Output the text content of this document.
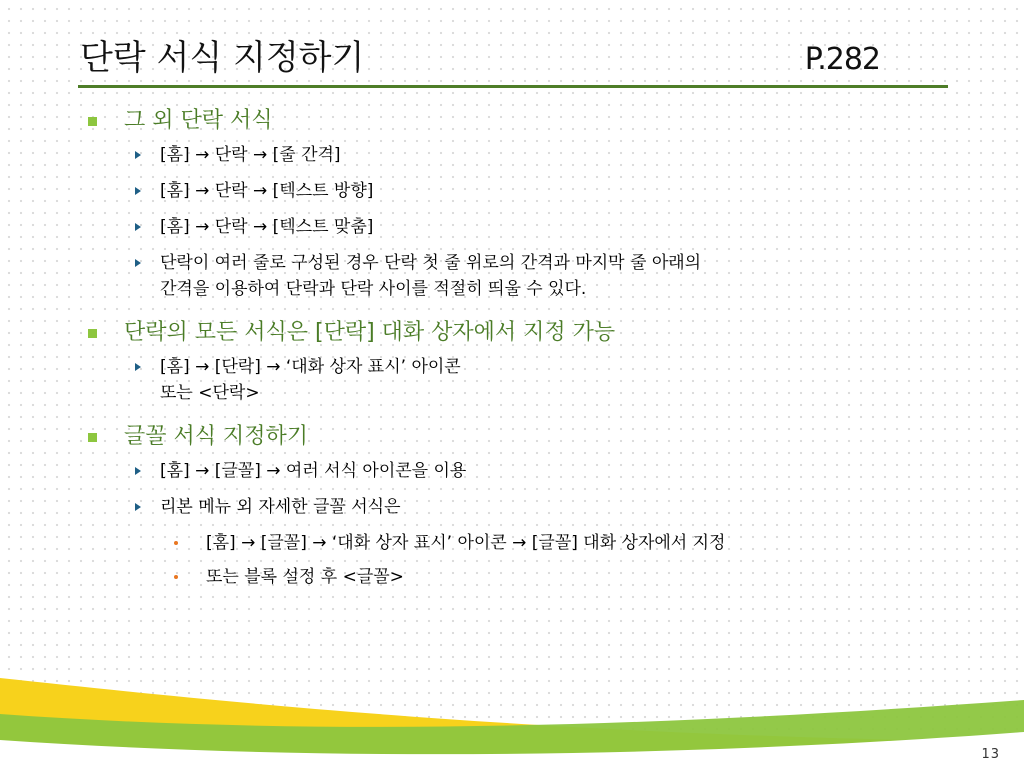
단락 서식 지정하기	P.282
그 외 단락 서식
[홈] → 단락 → [줄 간격]
[홈] → 단락 → [텍스트 방향]
[홈] → 단락 → [텍스트 맞춤]
단락이 여러 줄로 구성된 경우 단락 첫 줄 위로의 간격과 마지막 줄 아래의
간격을 이용하여 단락과 단락 사이를 적절히 띄울 수 있다.
단락의 모든 서식은 [단락] 대화 상자에서 지정 가능
[홈] → [단락] → ‘대화 상자 표시’ 아이콘
또는 <단락>
글꼴 서식 지정하기
[홈] → [글꼴] → 여러 서식 아이콘을 이용
리본 메뉴 외 자세한 글꼴 서식은
[홈] → [글꼴] → ‘대화 상자 표시’ 아이콘 → [글꼴] 대화 상자에서 지정
또는 블록 설정 후 <글꼴>
13
